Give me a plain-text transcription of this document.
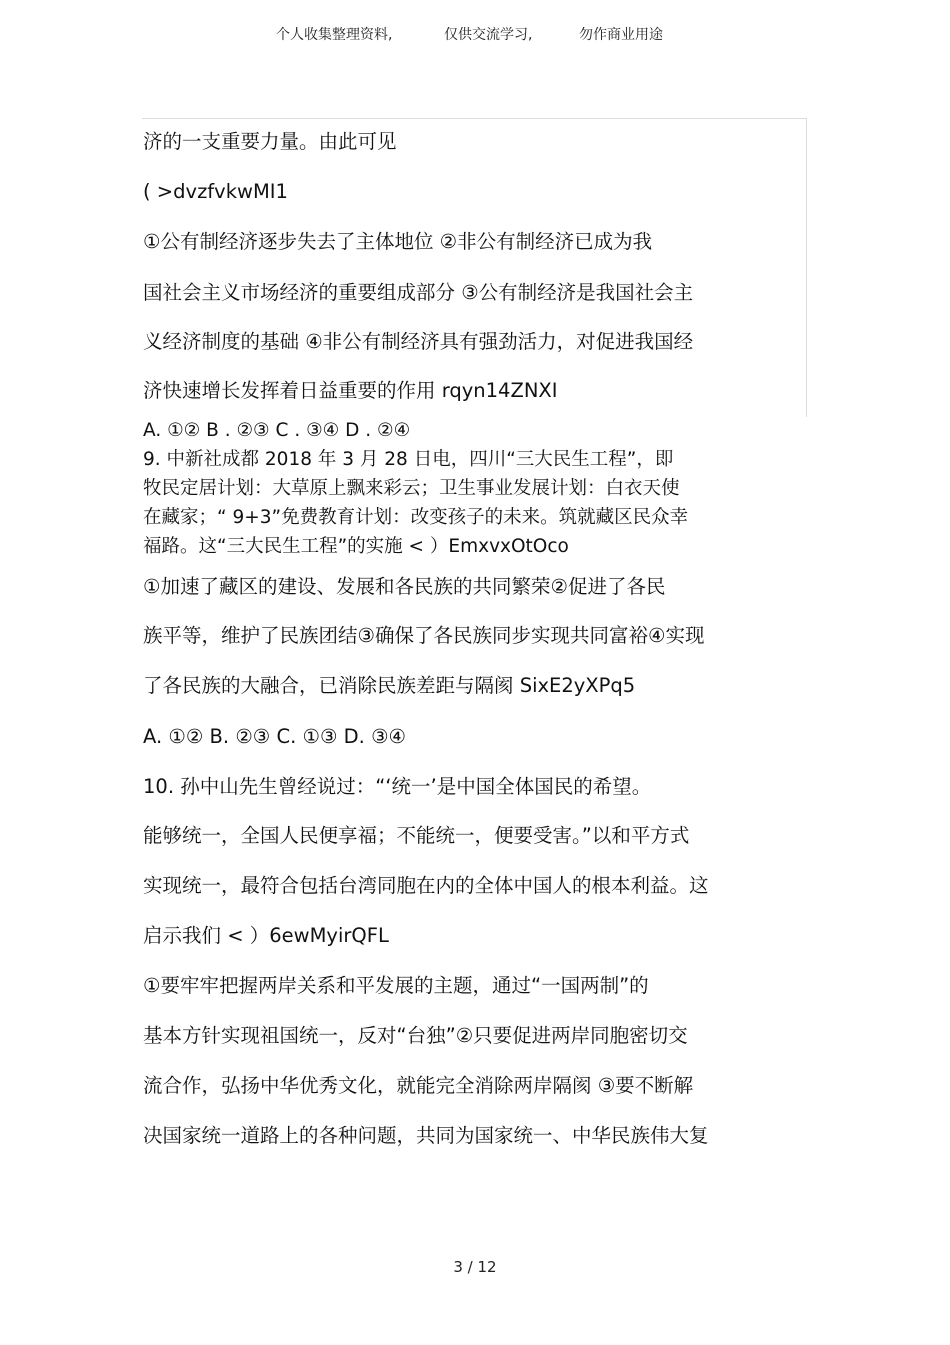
个人收集整理资料,	仅供交流学习,	勿作商业用途
济的一支重要力量。由此可见
( >dvzfvkwMI1
①公有制经济逐步失去了主体地位 ②非公有制经济已成为我
国社会主义市场经济的重要组成部分 ③公有制经济是我国社会主
义经济制度的基础 ④非公有制经济具有强劲活力，对促进我国经
济快速增长发挥着日益重要的作用 rqyn14ZNXI
A. ①② B . ②③ C . ③④ D . ②④
9. 中新社成都 2018 年 3 月 28 日电，四川“三大民生工程”，即
牧民定居计划：大草原上飘来彩云；卫生事业发展计划：白衣天使
在藏家；“ 9+3”免费教育计划：改变孩子的未来。筑就藏区民众幸
福路。这“三大民生工程”的实施 < ）EmxvxOtOco
①加速了藏区的建设、发展和各民族的共同繁荣②促进了各民
族平等，维护了民族团结③确保了各民族同步实现共同富裕④实现
了各民族的大融合，已消除民族差距与隔阂 SixE2yXPq5
A. ①② B. ②③ C. ①③ D. ③④
10. 孙中山先生曾经说过：“‘统一’是中国全体国民的希望。
能够统一，全国人民便享福；不能统一，便要受害。”以和平方式
实现统一，最符合包括台湾同胞在内的全体中国人的根本利益。这
启示我们 < ）6ewMyirQFL
①要牢牢把握两岸关系和平发展的主题，通过“一国两制”的
基本方针实现祖国统一，反对“台独”②只要促进两岸同胞密切交
流合作，弘扬中华优秀文化，就能完全消除两岸隔阂 ③要不断解
决国家统一道路上的各种问题，共同为国家统一、中华民族伟大复
3 / 12
